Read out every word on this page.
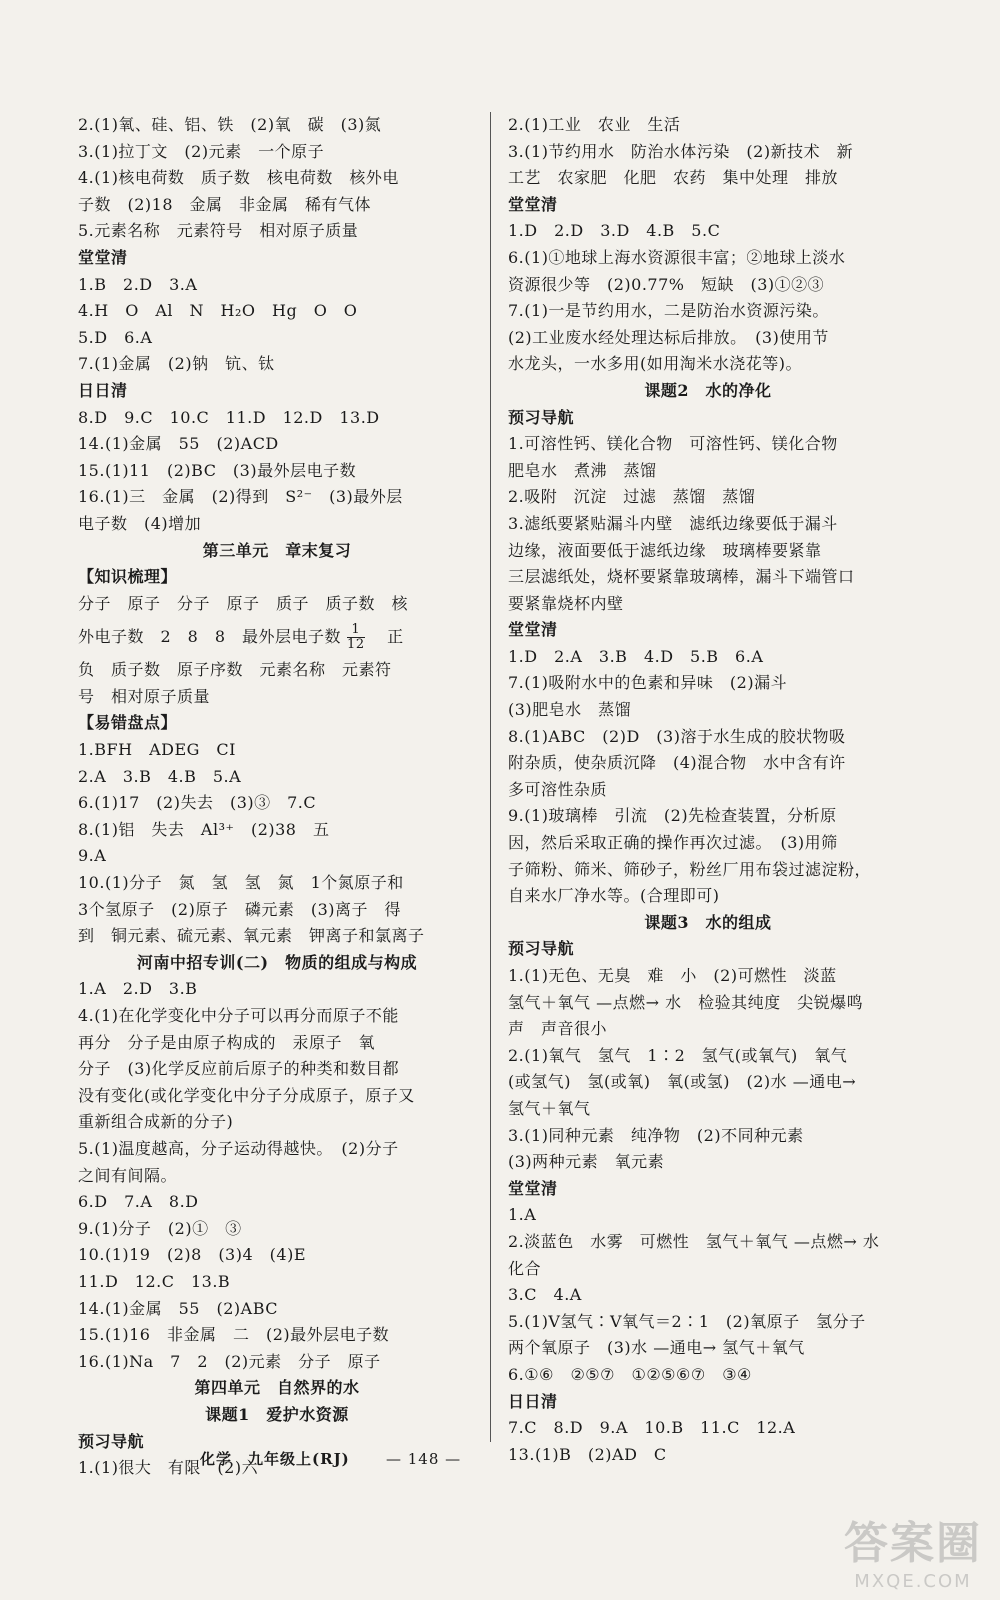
2.(1)氧、硅、铝、铁　(2)氧　碳　(3)氮
3.(1)拉丁文　(2)元素　一个原子
4.(1)核电荷数　质子数　核电荷数　核外电
子数　(2)18　金属　非金属　稀有气体
5.元素名称　元素符号　相对原子质量
堂堂清
1.B　2.D　3.A
4.H　O　Al　N　H₂O　Hg　O　O
5.D　6.A
7.(1)金属　(2)钠　钪、钛
日日清
8.D　9.C　10.C　11.D　12.D　13.D
14.(1)金属　55　(2)ACD
15.(1)11　(2)BC　(3)最外层电子数
16.(1)三　金属　(2)得到　S²⁻　(3)最外层
电子数　(4)增加
第三单元　章末复习
【知识梳理】
分子　原子　分子　原子　质子　质子数　核
外电子数　2　8　8　最外层电子数 $\frac{1}{12}$ 　正
负　质子数　原子序数　元素名称　元素符
号　相对原子质量
【易错盘点】
1.BFH　ADEG　CI
2.A　3.B　4.B　5.A
6.(1)17　(2)失去　(3)③　7.C
8.(1)铝　失去　Al³⁺　(2)38　五
9.A
10.(1)分子　氮　氢　氢　氮　1个氮原子和
3个氢原子　(2)原子　磷元素　(3)离子　得
到　铜元素、硫元素、氧元素　钾离子和氯离子
河南中招专训(二)　物质的组成与构成
1.A　2.D　3.B
4.(1)在化学变化中分子可以再分而原子不能
再分　分子是由原子构成的　汞原子　氧
分子　(3)化学反应前后原子的种类和数目都
没有变化(或化学变化中分子分成原子，原子又
重新组合成新的分子)
5.(1)温度越高，分子运动得越快。　(2)分子
之间有间隔。
6.D　7.A　8.D
9.(1)分子　(2)①　③
10.(1)19　(2)8　(3)4　(4)E
11.D　12.C　13.B
14.(1)金属　55　(2)ABC
15.(1)16　非金属　二　(2)最外层电子数
16.(1)Na　7　2　(2)元素　分子　原子
第四单元　自然界的水
课题1　爱护水资源
预习导航
1.(1)很大　有限　(2)六
2.(1)工业　农业　生活
3.(1)节约用水　防治水体污染　(2)新技术　新
工艺　农家肥　化肥　农药　集中处理　排放
堂堂清
1.D　2.D　3.D　4.B　5.C
6.(1)①地球上海水资源很丰富；②地球上淡水
资源很少等　(2)0.77%　短缺　(3)①②③
7.(1)一是节约用水，二是防治水资源污染。
(2)工业废水经处理达标后排放。　(3)使用节
水龙头，一水多用(如用淘米水浇花等)。
课题2　水的净化
预习导航
1.可溶性钙、镁化合物　可溶性钙、镁化合物
肥皂水　煮沸　蒸馏
2.吸附　沉淀　过滤　蒸馏　蒸馏
3.滤纸要紧贴漏斗内壁　滤纸边缘要低于漏斗
边缘，液面要低于滤纸边缘　玻璃棒要紧靠
三层滤纸处，烧杯要紧靠玻璃棒，漏斗下端管口
要紧靠烧杯内壁
堂堂清
1.D　2.A　3.B　4.D　5.B　6.A
7.(1)吸附水中的色素和异味　(2)漏斗
(3)肥皂水　蒸馏
8.(1)ABC　(2)D　(3)溶于水生成的胶状物吸
附杂质，使杂质沉降　(4)混合物　水中含有许
多可溶性杂质
9.(1)玻璃棒　引流　(2)先检查装置，分析原
因，然后采取正确的操作再次过滤。　(3)用筛
子筛粉、筛米、筛砂子，粉丝厂用布袋过滤淀粉，
自来水厂净水等。(合理即可)
课题3　水的组成
预习导航
1.(1)无色、无臭　难　小　(2)可燃性　淡蓝
氢气＋氧气 —点燃→ 水　检验其纯度　尖锐爆鸣
声　声音很小
2.(1)氧气　氢气　1∶2　氢气(或氧气)　氧气
(或氢气)　氢(或氧)　氧(或氢)　(2)水 —通电→
氢气＋氧气
3.(1)同种元素　纯净物　(2)不同种元素
(3)两种元素　氧元素
堂堂清
1.A
2.淡蓝色　水雾　可燃性　氢气＋氧气 —点燃→ 水
化合
3.C　4.A
5.(1)V氢气∶V氧气＝2∶1　(2)氧原子　氢分子
两个氧原子　(3)水 —通电→ 氢气＋氧气
6.①⑥　②⑤⑦　①②⑤⑥⑦　③④
日日清
7.C　8.D　9.A　10.B　11.C　12.A
13.(1)B　(2)AD　C
化学　九年级上(RJ) — 148 —
答案圈
MXQE.COM
